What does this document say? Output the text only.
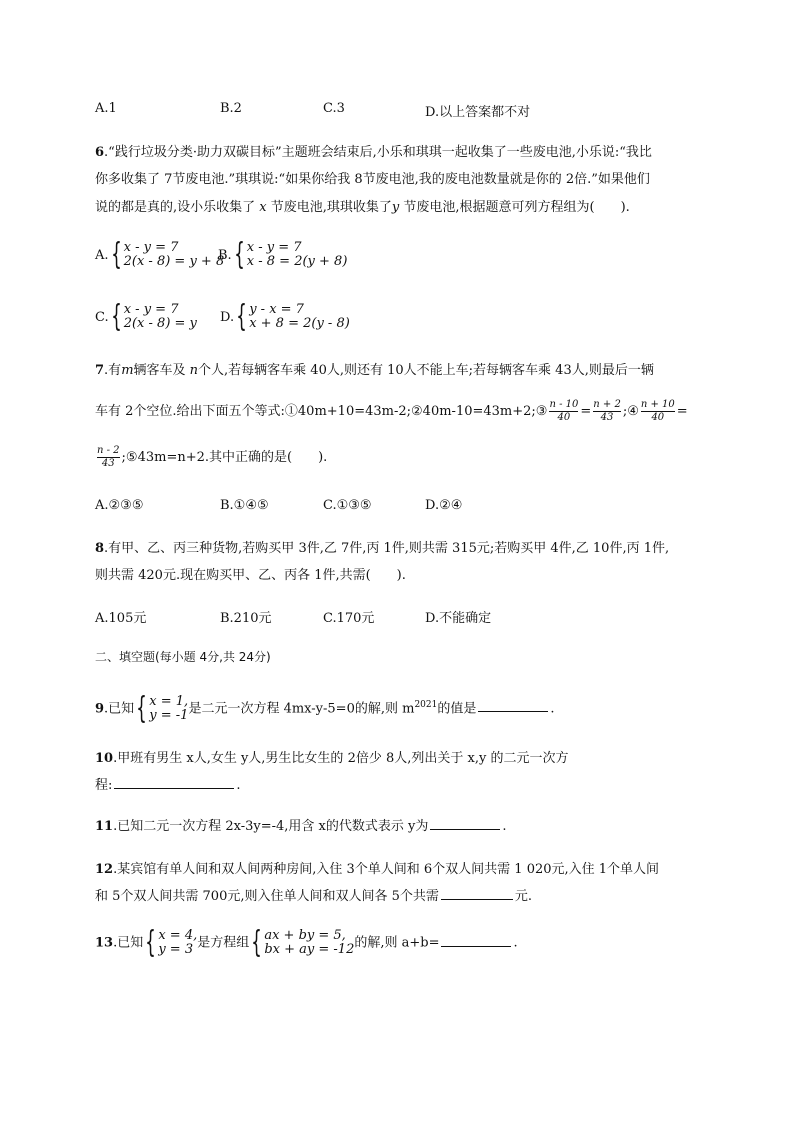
A.1	B.2	C.3	D.以上答案都不对
6.“践行垃圾分类·助力双碳目标”主题班会结束后,小乐和琪琪一起收集了一些废电池,小乐说:“我比
你多收集了 7节废电池.”琪琪说:“如果你给我 8节废电池,我的废电池数量就是你的 2倍.”如果他们
说的都是真的,设小乐收集了 x 节废电池,琪琪收集了y 节废电池,根据题意可列方程组为(　　).
A. { x - y = 7
2(x - 8) = y + 8
B. { x - y = 7
x - 8 = 2(y + 8)
C. { x - y = 7
2(x - 8) = y D. { y - x = 7
x + 8 = 2(y - 8)
7.有m辆客车及 n个人,若每辆客车乘 40人,则还有 10人不能上车;若每辆客车乘 43人,则最后一辆
车有 2个空位.给出下面五个等式:①40m+10=43m-2;②40m-10=43m+2;③ $\frac{n - 10}{40} = \frac{n + 2}{43}$ ;④ $\frac{n + 10}{40}$ =
$\frac{n - 2}{43}$ ;⑤43m=n+2.其中正确的是(　　).
A.②③⑤	B.①④⑤	C.①③⑤	D.②④
8.有甲、乙、丙三种货物,若购买甲 3件,乙 7件,丙 1件,则共需 315元;若购买甲 4件,乙 10件,丙 1件,
则共需 420元.现在购买甲、乙、丙各 1件,共需(　　).
A.105元	B.210元	C.170元	D.不能确定
二、填空题(每小题 4分,共 24分)
9.已知 { x = 1,
y = -1 是二元一次方程 4mx-y-5=0的解,则 $m^{2021}$的值是	.
10.甲班有男生 x人,女生 y人,男生比女生的 2倍少 8人,列出关于 x,y 的二元一次方
程:	.
11.已知二元一次方程 2x-3y=-4,用含 x的代数式表示 y为	.
12.某宾馆有单人间和双人间两种房间,入住 3个单人间和 6个双人间共需 1 020元,入住 1个单人间
和 5个双人间共需 700元,则入住单人间和双人间各 5个共需	元.
13.已知 { x = 4,
y = 3 是方程组 { ax + by = 5,
bx + ay = -12 的解,则 a+b=	.
